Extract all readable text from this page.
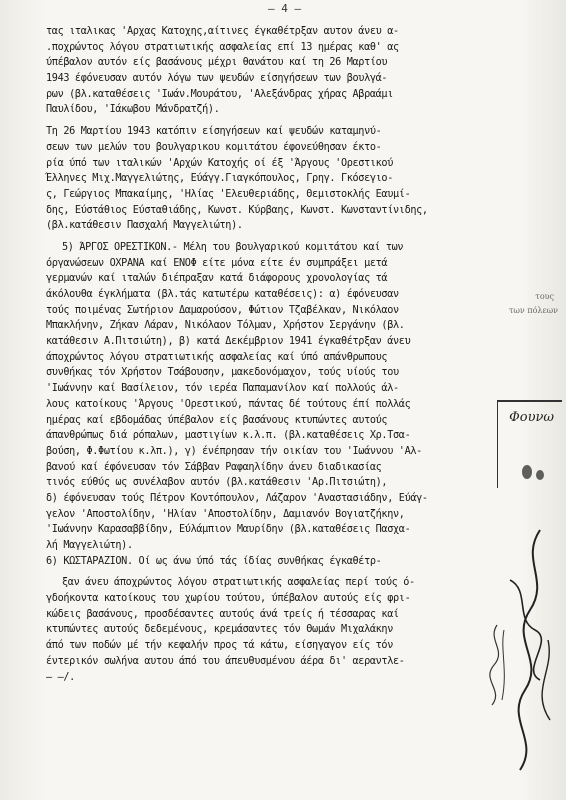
— 4 —
τας ιταλικας 'Αρχας Κατοχης,αίτινες έγκαθέτρξαν αυτον άνευ α-
.ποχρώντος λόγου στρατιωτικής ασφαλείας επί 13 ημέρας καθ' ας
ύπέβαλον αυτόν είς βασάνους μέχρι θανάτου καί τη 26 Μαρτίου
1943 έφόνευσαν αυτόν λόγω των ψευδών είσηγήσεων των βουλγά-
ρων (βλ.καταθέσεις 'Ιωάν.Μουράτου, 'Αλεξάνδρας χήρας Αβραάμι
Παυλίδου, 'Ιάκωβου Μάνδρατζή).
Τη 26 Μαρτίου 1943 κατόπιν είσηγήσεων καί ψευδών καταμηνύ-
σεων των μελών του βουλγαρικου κομιτάτου έφονεύθησαν έκτο-
ρία ύπό των ιταλικών 'Αρχών Κατοχής οί έξ 'Άργους 'Ορεστικού
Έλληνες Μιχ.Μαγγελιώτης, Εύάγγ.Γιαγκόπουλος, Γρηγ. Γκόσεγιο-
ς, Γεώργιος Μπακαίμης, 'Ηλίας 'Ελευθεριάδης, Θεμιστοκλής Εαυμί-
δης, Εύστάθιος Εύσταθιάδης, Κωνστ. Κύρβαης, Κωνστ. Κωνσταντίνιδης,
(βλ.κατάθεσιν Πασχαλή Μαγγελιώτη).
5) ΆΡΓΟΣ ΟΡΕΣΤΙΚΟΝ.- Μέλη του βουλγαρικού κομιτάτου καί των
όργανώσεων ΟΧΡΑΝΑ καί ΕΝΟΦ είτε μόνα είτε έν συμπράξει μετά
γερμανών καί ιταλών διέπραξαν κατά διάφορους χρονολογίας τά
άκόλουθα έγκλήματα (βλ.τάς κατωτέρω καταθέσεις): α) έφόνευσαν
τούς ποιμένας Σωτήριον Δαμαρούσον, Φώτιον Τζαβέλκαν, Νικόλαον
Μπακλήνην, Ζήκαν Λάραν, Νικόλαον Τόλμαν, Χρήστον Σεργάνην (βλ.
κατάθεσιν Α.Πιτσιώτη), β) κατά Δεκέμβριον 1941 έγκαθέτρξαν άνευ
άποχρώντος λόγου στρατιωτικής ασφαλείας καί ύπό απάνθρωπους
συνθήκας τόν Χρήστον Τσάβουσην, μακεδονόμαχον, τούς υίούς του
'Ιωάννην καί Βασίλειον, τόν ιερέα Παπαμανίλον καί πολλούς άλ-
λους κατοίκους 'Άργους 'Ορεστικού, πάντας δέ τούτους έπί πολλάς
ημέρας καί εβδομάδας ύπέβαλον είς βασάνους κτυπώντες αυτούς
άπανθρώπως διά ρόπαλων, μαστιγίων κ.λ.π. (βλ.καταθέσεις Χρ.Τσα-
βούση, Φ.Φωτίου κ.λπ.), γ) ένέπρησαν τήν οικίαν του 'Ιωάννου 'Αλ-
βανού καί έφόνευσαν τόν Σάββαν Ραφαηλίδην άνευ διαδικασίας
τινός εύθύς ως συνέλαβον αυτόν (βλ.κατάθεσιν 'Αρ.Πιτσιώτη),
δ) έφόνευσαν τούς Πέτρον Κοντόπουλον, Λάζαρον 'Αναστασιάδην, Εύάγ-
γελον 'Αποστολίδην, 'Ηλίαν 'Αποστολίδην, Δαμιανόν Βογιατζήκην,
'Ιωάννην Καρασαββίδην, Εύλάμπιον Μαυρίδην (βλ.καταθέσεις Πασχα-
λή Μαγγελιώτη).
6) ΚΩΣΤΑΡΑΖΙΟΝ. Οί ως άνω ύπό τάς ίδίας συνθήκας έγκαθέτρ-
ξαν άνευ άποχρώντος λόγου στρατιωτικής ασφαλείας περί τούς ό-
γδοήκοντα κατοίκους του χωρίου τούτου, ύπέβαλον αυτούς είς φρι-
κώδεις βασάνους, προσδέσαντες αυτούς άνά τρείς ή τέσσαρας καί
κτυπώντες αυτούς δεδεμένους, κρεμάσαντες τόν Θωμάν Μιχαλάκην
άπό των ποδών μέ τήν κεφαλήν προς τά κάτω, είσηγαγον είς τόν
έντερικόν σωλήνα αυτου άπό του άπευθυσμένου άέρα δι' αεραντλε-
— —/.
τους
των πόλεων
Φουνω
